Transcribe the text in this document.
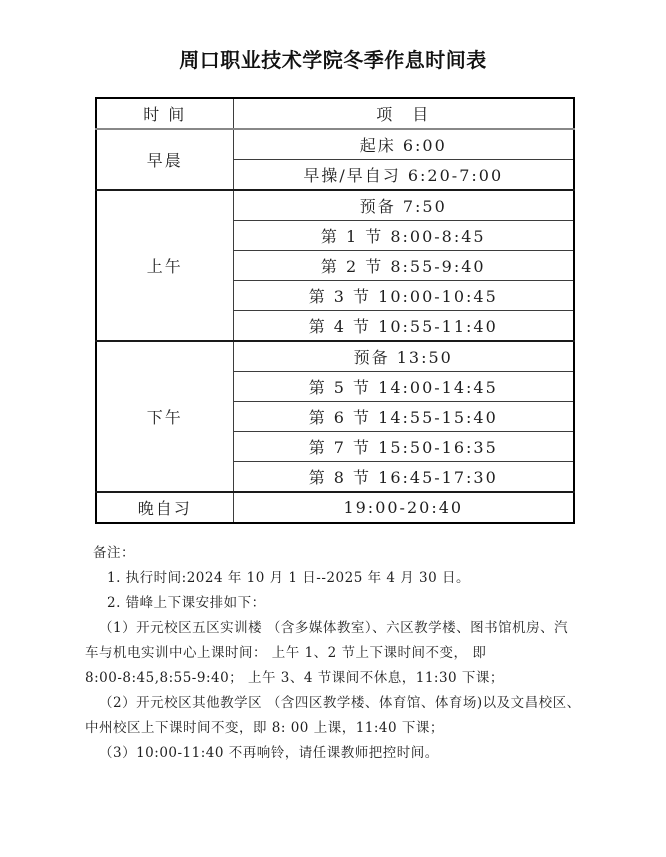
周口职业技术学院冬季作息时间表
时 间	项　目
早晨	起床 6:00
	早操/早自习 6:20-7:00
上午	预备 7:50
	第 1 节 8:00-8:45
	第 2 节 8:55-9:40
	第 3 节 10:00-10:45
	第 4 节 10:55-11:40
下午	预备 13:50
	第 5 节 14:00-14:45
	第 6 节 14:55-15:40
	第 7 节 15:50-16:35
	第 8 节 16:45-17:30
晚自习	19:00-20:40
备注：
1. 执行时间:2024 年 10 月 1 日--2025 年 4 月 30 日。
2. 错峰上下课安排如下：
（1）开元校区五区实训楼 （含多媒体教室）、六区教学楼、图书馆机房、汽
车与机电实训中心上课时间： 上午 1、2 节上下课时间不变， 即
8:00-8:45,8:55-9:40； 上午 3、4 节课间不休息，11:30 下课；
（2）开元校区其他教学区 （含四区教学楼、体育馆、体育场)以及文昌校区、
中州校区上下课时间不变，即 8: 00 上课，11:40 下课；
（3）10:00-11:40 不再响铃，请任课教师把控时间。
